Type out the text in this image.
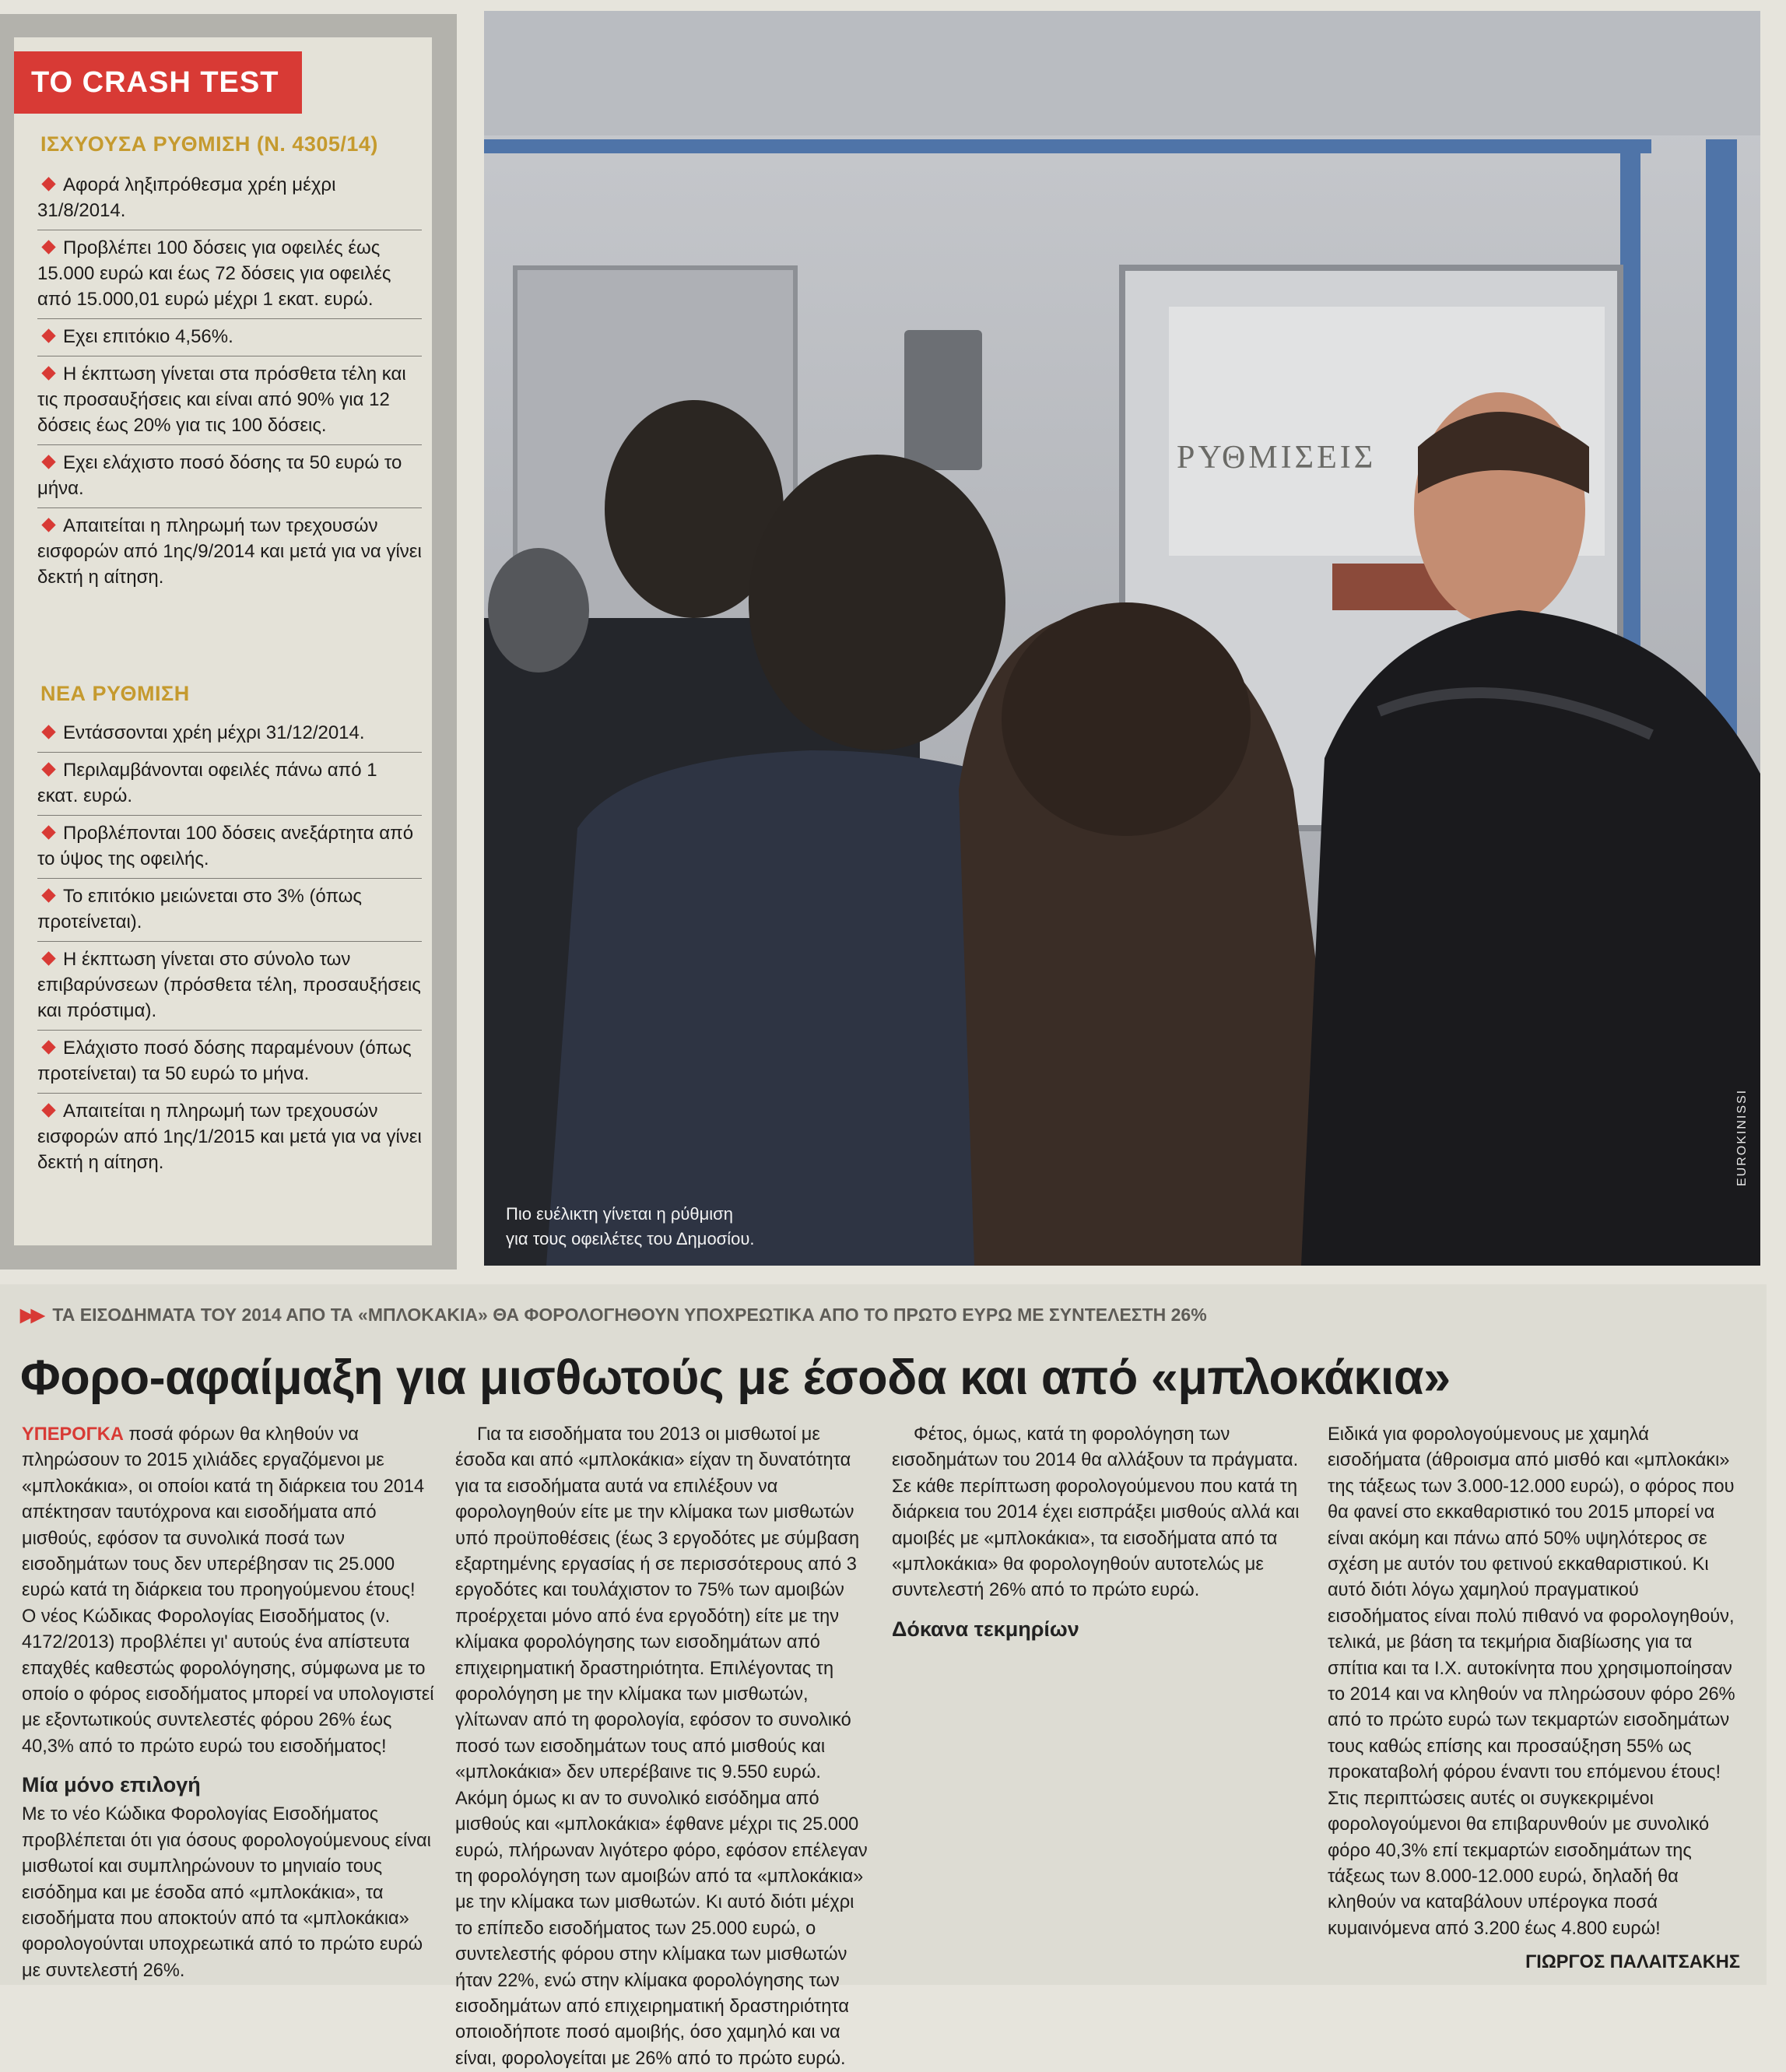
ΤΟ CRASH TEST
ΙΣΧΥΟΥΣΑ ΡΥΘΜΙΣΗ (Ν. 4305/14)
Αφορά ληξιπρόθεσμα χρέη μέχρι 31/8/2014.
Προβλέπει 100 δόσεις για οφειλές έως 15.000 ευρώ και έως 72 δόσεις για οφειλές από 15.000,01 ευρώ μέχρι 1 εκατ. ευρώ.
Εχει επιτόκιο 4,56%.
Η έκπτωση γίνεται στα πρόσθετα τέλη και τις προσαυξήσεις και είναι από 90% για 12 δόσεις έως 20% για τις 100 δόσεις.
Εχει ελάχιστο ποσό δόσης τα 50 ευρώ το μήνα.
Απαιτείται η πληρωμή των τρεχουσών εισφορών από 1ης/9/2014 και μετά για να γίνει δεκτή η αίτηση.
ΝΕΑ ΡΥΘΜΙΣΗ
Εντάσσονται χρέη μέχρι 31/12/2014.
Περιλαμβάνονται οφειλές πάνω από 1 εκατ. ευρώ.
Προβλέπονται 100 δόσεις ανεξάρτητα από το ύψος της οφειλής.
Το επιτόκιο μειώνεται στο 3% (όπως προτείνεται).
Η έκπτωση γίνεται στο σύνολο των επιβαρύνσεων (πρόσθετα τέλη, προσαυξήσεις και πρόστιμα).
Ελάχιστο ποσό δόσης παραμένουν (όπως προτείνεται) τα 50 ευρώ το μήνα.
Απαιτείται η πληρωμή των τρεχουσών εισφορών από 1ης/1/2015 και μετά για να γίνει δεκτή η αίτηση.
ΡΥΘΜΙΣΕΙΣ

Πιο ευέλικτη γίνεται η ρύθμιση
για τους οφειλέτες του Δημοσίου.

EUROKINISSI

▶▶ ΤΑ ΕΙΣΟΔΗΜΑΤΑ ΤΟΥ 2014 ΑΠΟ ΤΑ «ΜΠΛΟΚΑΚΙΑ» ΘΑ ΦΟΡΟΛΟΓΗΘΟΥΝ ΥΠΟΧΡΕΩΤΙΚΑ ΑΠΟ ΤΟ ΠΡΩΤΟ ΕΥΡΩ ΜΕ ΣΥΝΤΕΛΕΣΤΗ 26%

Φορο-αφαίμαξη για μισθωτούς με έσοδα και από «μπλοκάκια»

ΥΠΕΡΟΓΚΑ ποσά φόρων θα κληθούν να πληρώσουν το 2015 χιλιάδες εργαζόμενοι με «μπλοκάκια», οι οποίοι κατά τη διάρκεια του 2014 απέκτησαν ταυτόχρονα και εισοδήματα από μισθούς, εφόσον τα συνολικά ποσά των εισοδημάτων τους δεν υπερέβησαν τις 25.000 ευρώ κατά τη διάρκεια του προηγούμενου έτους! Ο νέος Κώδικας Φορολογίας Εισοδήματος (ν. 4172/2013) προβλέπει γι' αυτούς ένα απίστευτα επαχθές καθεστώς φορολόγησης, σύμφωνα με το οποίο ο φόρος εισοδήματος μπορεί να υπολογιστεί με εξοντωτικούς συντελεστές φόρου 26% έως 40,3% από το πρώτο ευρώ του εισοδήματος!

Μία μόνο επιλογή

Με το νέο Κώδικα Φορολογίας Εισοδήματος προβλέπεται ότι για όσους φορολογούμενους είναι μισθωτοί και συμπληρώνουν το μηνιαίο τους εισόδημα και με έσοδα από «μπλοκάκια», τα εισοδήματα που αποκτούν από τα «μπλοκάκια» φορολογούνται υποχρεωτικά από το πρώτο ευρώ με συντελεστή 26%.

Για τα εισοδήματα του 2013 οι μισθωτοί με έσοδα και από «μπλοκάκια» είχαν τη δυνατότητα για τα εισοδήματα αυτά να επιλέξουν να φορολογηθούν είτε με την κλίμακα των μισθωτών υπό προϋποθέσεις (έως 3 εργοδότες με σύμβαση εξαρτημένης εργασίας ή σε περισσότερους από 3 εργοδότες και τουλάχιστον το 75% των αμοιβών προέρχεται μόνο από ένα εργοδότη) είτε με την κλίμακα φορολόγησης των εισοδημάτων από επιχειρηματική δραστηριότητα. Επιλέγοντας τη φορολόγηση με την κλίμακα των μισθωτών, γλίτωναν από τη φορολογία, εφόσον το συνολικό ποσό των εισοδημάτων τους από μισθούς και «μπλοκάκια» δεν υπερέβαινε τις 9.550 ευρώ. Ακόμη όμως κι αν το συνολικό εισόδημα από μισθούς και «μπλοκάκια» έφθανε μέχρι τις 25.000 ευρώ, πλήρωναν λιγότερο φόρο, εφόσον επέλεγαν τη φορολόγηση των αμοιβών από τα «μπλοκάκια» με την κλίμακα των μισθωτών. Κι αυτό διότι μέχρι το επίπεδο εισοδήματος των 25.000 ευρώ, ο συντελεστής φόρου στην κλίμακα των μισθωτών ήταν 22%, ενώ στην κλίμακα φορολόγησης των εισοδημάτων από επιχειρηματική δραστηριότητα οποιοδήποτε ποσό αμοιβής, όσο χαμηλό και να είναι, φορολογείται με 26% από το πρώτο ευρώ.

Φέτος, όμως, κατά τη φορολόγηση των εισοδημάτων του 2014 θα αλλάξουν τα πράγματα. Σε κάθε περίπτωση φορολογούμενου που κατά τη διάρκεια του 2014 έχει εισπράξει μισθούς αλλά και αμοιβές με «μπλοκάκια», τα εισοδήματα από τα «μπλοκάκια» θα φορολογηθούν αυτοτελώς με συντελεστή 26% από το πρώτο ευρώ.

Δόκανα τεκμηρίων

Ειδικά για φορολογούμενους με χαμηλά εισοδήματα (άθροισμα από μισθό και «μπλοκάκι» της τάξεως των 3.000-12.000 ευρώ), ο φόρος που θα φανεί στο εκκαθαριστικό του 2015 μπορεί να είναι ακόμη και πάνω από 50% υψηλότερος σε σχέση με αυτόν του φετινού εκκαθαριστικού. Κι αυτό διότι λόγω χαμηλού πραγματικού εισοδήματος είναι πολύ πιθανό να φορολογηθούν, τελικά, με βάση τα τεκμήρια διαβίωσης για τα σπίτια και τα Ι.Χ. αυτοκίνητα που χρησιμοποίησαν το 2014 και να κληθούν να πληρώσουν φόρο 26% από το πρώτο ευρώ των τεκμαρτών εισοδημάτων τους καθώς επίσης και προσαύξηση 55% ως προκαταβολή φόρου έναντι του επόμενου έτους! Στις περιπτώσεις αυτές οι συγκεκριμένοι φορολογούμενοι θα επιβαρυνθούν με συνολικό φόρο 40,3% επί τεκμαρτών εισοδημάτων της τάξεως των 8.000-12.000 ευρώ, δηλαδή θα κληθούν να καταβάλουν υπέρογκα ποσά κυμαινόμενα από 3.200 έως 4.800 ευρώ!

ΓΙΩΡΓΟΣ ΠΑΛΑΙΤΣΑΚΗΣ
